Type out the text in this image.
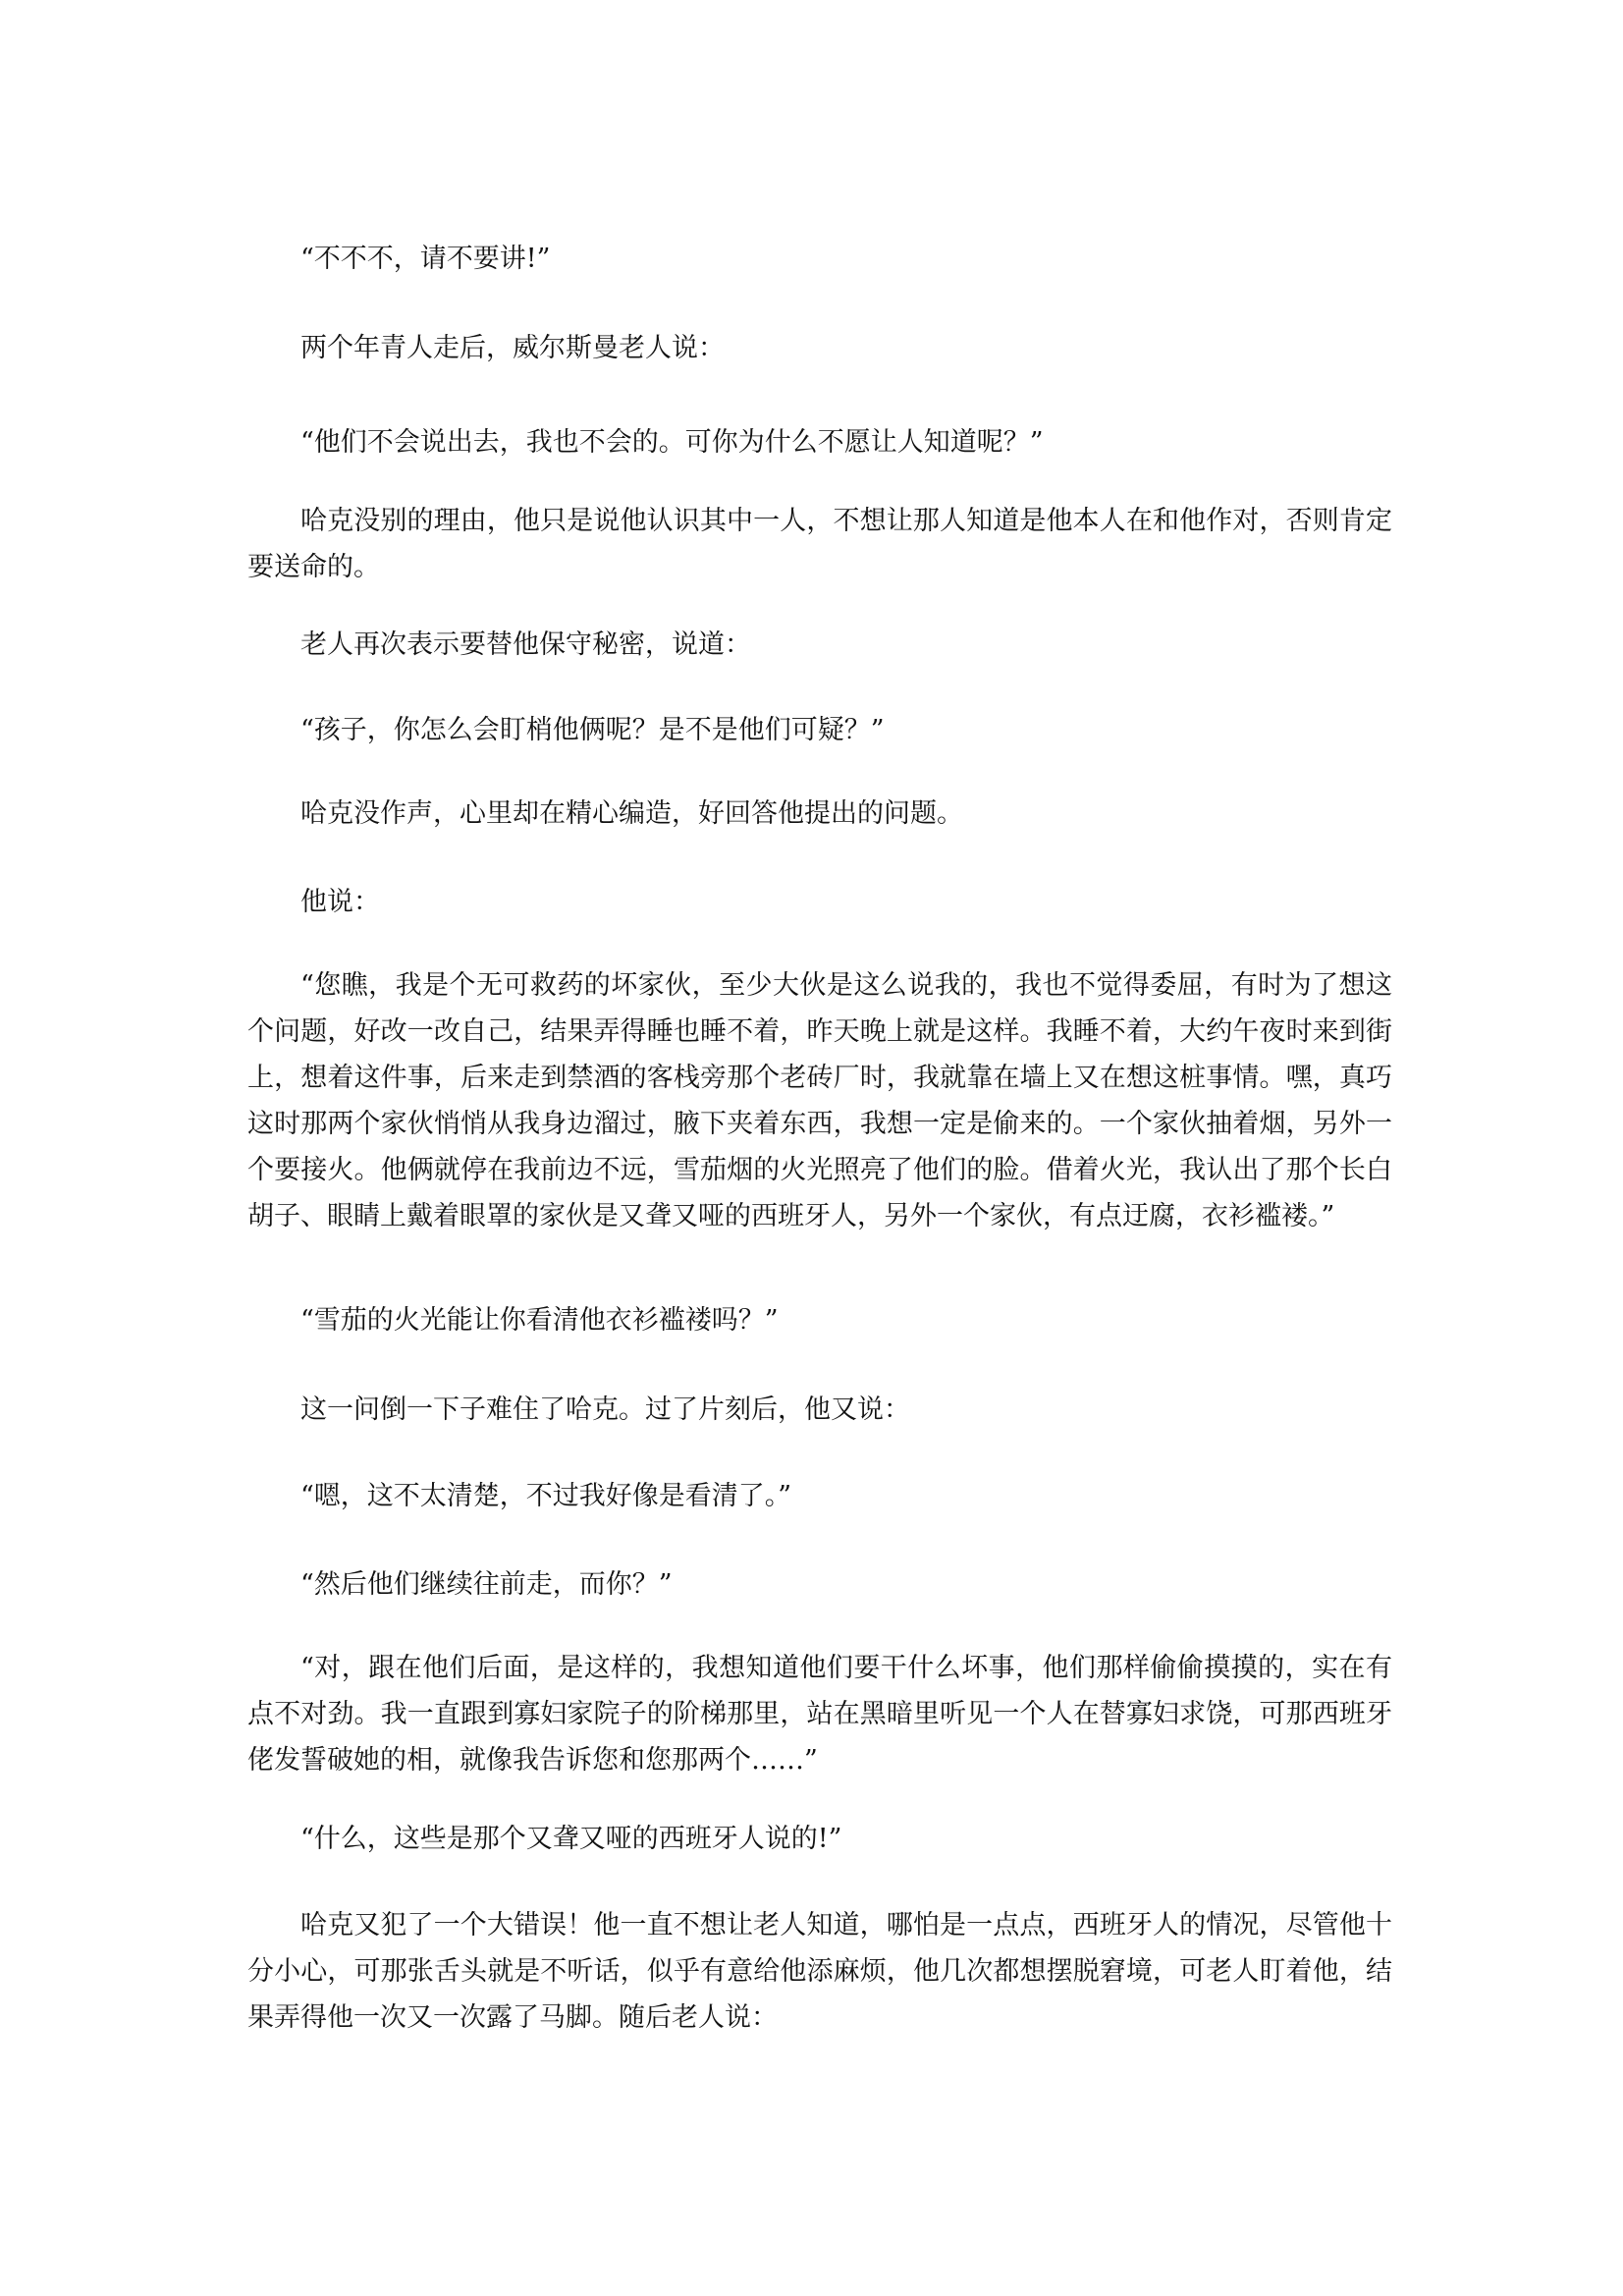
“不不不，请不要讲!”

两个年青人走后，威尔斯曼老人说：

“他们不会说出去，我也不会的。可你为什么不愿让人知道呢？”

哈克没别的理由，他只是说他认识其中一人，不想让那人知道是他本人在和他作对，否则肯定要送命的。

老人再次表示要替他保守秘密，说道：

“孩子，你怎么会盯梢他俩呢？是不是他们可疑？”

哈克没作声，心里却在精心编造，好回答他提出的问题。

他说：

“您瞧，我是个无可救药的坏家伙，至少大伙是这么说我的，我也不觉得委屈，有时为了想这个问题，好改一改自己，结果弄得睡也睡不着，昨天晚上就是这样。我睡不着，大约午夜时来到街上，想着这件事，后来走到禁酒的客栈旁那个老砖厂时，我就靠在墙上又在想这桩事情。嘿，真巧这时那两个家伙悄悄从我身边溜过，腋下夹着东西，我想一定是偷来的。一个家伙抽着烟，另外一个要接火。他俩就停在我前边不远，雪茄烟的火光照亮了他们的脸。借着火光，我认出了那个长白胡子、眼睛上戴着眼罩的家伙是又聋又哑的西班牙人，另外一个家伙，有点迂腐，衣衫褴褛。”

“雪茄的火光能让你看清他衣衫褴褛吗？”

这一问倒一下子难住了哈克。过了片刻后，他又说：

“嗯，这不太清楚，不过我好像是看清了。”

“然后他们继续往前走，而你？”

“对，跟在他们后面，是这样的，我想知道他们要干什么坏事，他们那样偷偷摸摸的，实在有点不对劲。我一直跟到寡妇家院子的阶梯那里，站在黑暗里听见一个人在替寡妇求饶，可那西班牙佬发誓破她的相，就像我告诉您和您那两个……”

“什么，这些是那个又聋又哑的西班牙人说的!”

哈克又犯了一个大错误！他一直不想让老人知道，哪怕是一点点，西班牙人的情况，尽管他十分小心，可那张舌头就是不听话，似乎有意给他添麻烦，他几次都想摆脱窘境，可老人盯着他，结果弄得他一次又一次露了马脚。随后老人说：
